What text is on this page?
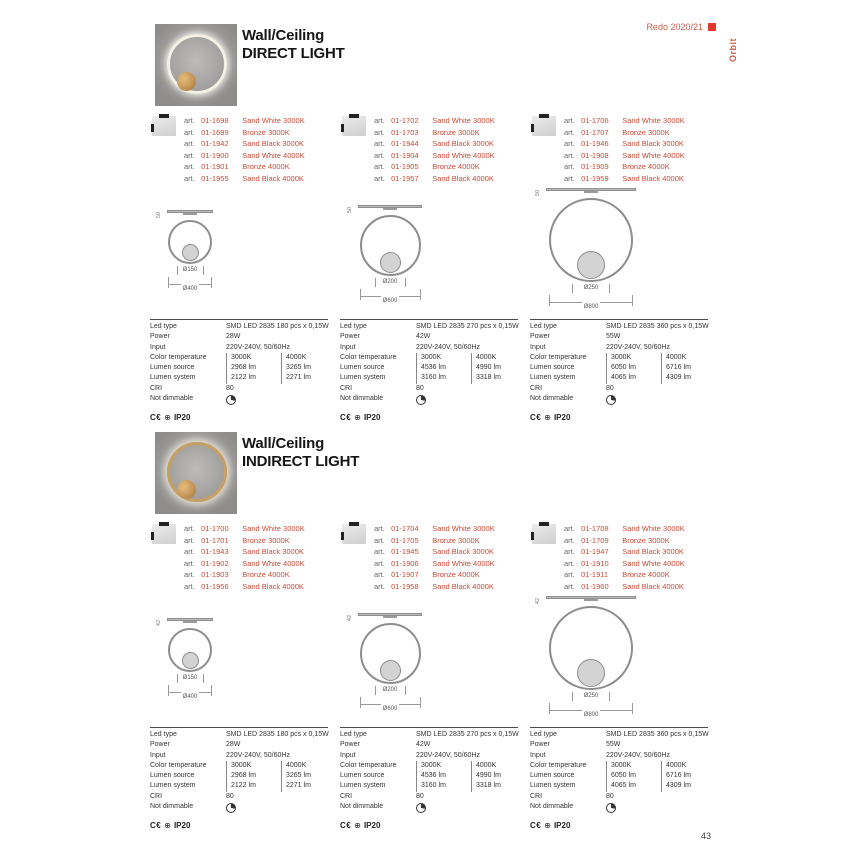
Redo 2020/21
Orbit
43
Wall/Ceiling
DIRECT LIGHT
art. 01-1698 Sand White 3000K
art. 01-1699 Bronze 3000K
art. 01-1942 Sand Black 3000K
art. 01-1900 Sand White 4000K
art. 01-1901 Bronze 4000K
art. 01-1955 Sand Black 4000K
50
Ø150
Ø400
Led type	SMD LED 2835 180 pcs x 0,15W
Power	28W
Input	220V-240V, 50/60Hz
Color temperature	3000K	4000K
Lumen source	2968 lm	3265 lm
Lumen system	2122 lm	2271 lm
CRI	80
Not dimmable
C€ ⊕ IP20
art. 01-1702 Sand White 3000K
art. 01-1703 Bronze 3000K
art. 01-1944 Sand Black 3000K
art. 01-1904 Sand White 4000K
art. 01-1905 Bronze 4000K
art. 01-1957 Sand Black 4000K
50
Ø200
Ø600
Led type	SMD LED 2835 270 pcs x 0,15W
Power	42W
Input	220V-240V, 50/60Hz
Color temperature	3000K	4000K
Lumen source	4536 lm	4990 lm
Lumen system	3160 lm	3318 lm
CRI	80
Not dimmable
C€ ⊕ IP20
art. 01-1706 Sand White 3000K
art. 01-1707 Bronze 3000K
art. 01-1946 Sand Black 3000K
art. 01-1908 Sand White 4000K
art. 01-1909 Bronze 4000K
art. 01-1959 Sand Black 4000K
50
Ø250
Ø800
Led type	SMD LED 2835 360 pcs x 0,15W
Power	55W
Input	220V-240V, 50/60Hz
Color temperature	3000K	4000K
Lumen source	6050 lm	6716 lm
Lumen system	4065 lm	4309 lm
CRI	80
Not dimmable
C€ ⊕ IP20
Wall/Ceiling
INDIRECT LIGHT
art. 01-1700 Sand White 3000K
art. 01-1701 Bronze 3000K
art. 01-1943 Sand Black 3000K
art. 01-1902 Sand White 4000K
art. 01-1903 Bronze 4000K
art. 01-1956 Sand Black 4000K
42
Ø150
Ø400
Led type	SMD LED 2835 180 pcs x 0,15W
Power	28W
Input	220V-240V, 50/60Hz
Color temperature	3000K	4000K
Lumen source	2968 lm	3265 lm
Lumen system	2122 lm	2271 lm
CRI	80
Not dimmable
C€ ⊕ IP20
art. 01-1704 Sand White 3000K
art. 01-1705 Bronze 3000K
art. 01-1945 Sand Black 3000K
art. 01-1906 Sand White 4000K
art. 01-1907 Bronze 4000K
art. 01-1958 Sand Black 4000K
42
Ø200
Ø600
Led type	SMD LED 2835 270 pcs x 0,15W
Power	42W
Input	220V-240V, 50/60Hz
Color temperature	3000K	4000K
Lumen source	4536 lm	4990 lm
Lumen system	3160 lm	3318 lm
CRI	80
Not dimmable
C€ ⊕ IP20
art. 01-1708 Sand White 3000K
art. 01-1709 Bronze 3000K
art. 01-1947 Sand Black 3000K
art. 01-1910 Sand White 4000K
art. 01-1911 Bronze 4000K
art. 01-1960 Sand Black 4000K
42
Ø250
Ø800
Led type	SMD LED 2835 360 pcs x 0,15W
Power	55W
Input	220V-240V, 50/60Hz
Color temperature	3000K	4000K
Lumen source	6050 lm	6716 lm
Lumen system	4065 lm	4309 lm
CRI	80
Not dimmable
C€ ⊕ IP20
